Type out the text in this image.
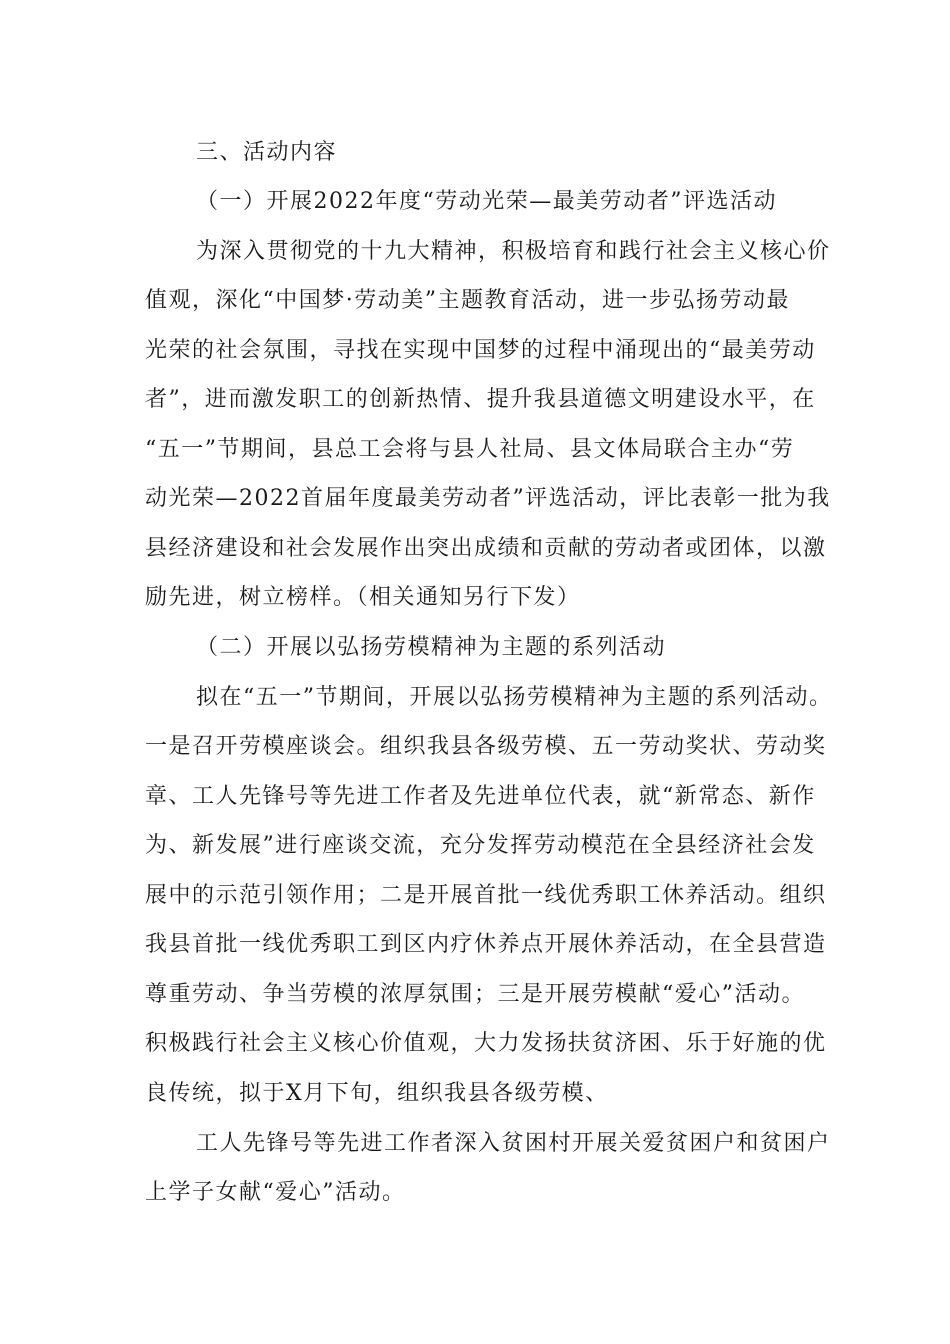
三、活动内容
（一）开展2022年度“劳动光荣—最美劳动者”评选活动
为深入贯彻党的十九大精神，积极培育和践行社会主义核心价
值观，深化“中国梦·劳动美”主题教育活动，进一步弘扬劳动最
光荣的社会氛围，寻找在实现中国梦的过程中涌现出的“最美劳动
者”，进而激发职工的创新热情、提升我县道德文明建设水平，在
“五一”节期间，县总工会将与县人社局、县文体局联合主办“劳
动光荣—2022首届年度最美劳动者”评选活动，评比表彰一批为我
县经济建设和社会发展作出突出成绩和贡献的劳动者或团体，以激
励先进，树立榜样。（相关通知另行下发）
（二）开展以弘扬劳模精神为主题的系列活动
拟在“五一”节期间，开展以弘扬劳模精神为主题的系列活动。
一是召开劳模座谈会。组织我县各级劳模、五一劳动奖状、劳动奖
章、工人先锋号等先进工作者及先进单位代表，就“新常态、新作
为、新发展”进行座谈交流，充分发挥劳动模范在全县经济社会发
展中的示范引领作用；二是开展首批一线优秀职工休养活动。组织
我县首批一线优秀职工到区内疗休养点开展休养活动，在全县营造
尊重劳动、争当劳模的浓厚氛围；三是开展劳模献“爱心”活动。
积极践行社会主义核心价值观，大力发扬扶贫济困、乐于好施的优
良传统，拟于X月下旬，组织我县各级劳模、
工人先锋号等先进工作者深入贫困村开展关爱贫困户和贫困户
上学子女献“爱心”活动。
